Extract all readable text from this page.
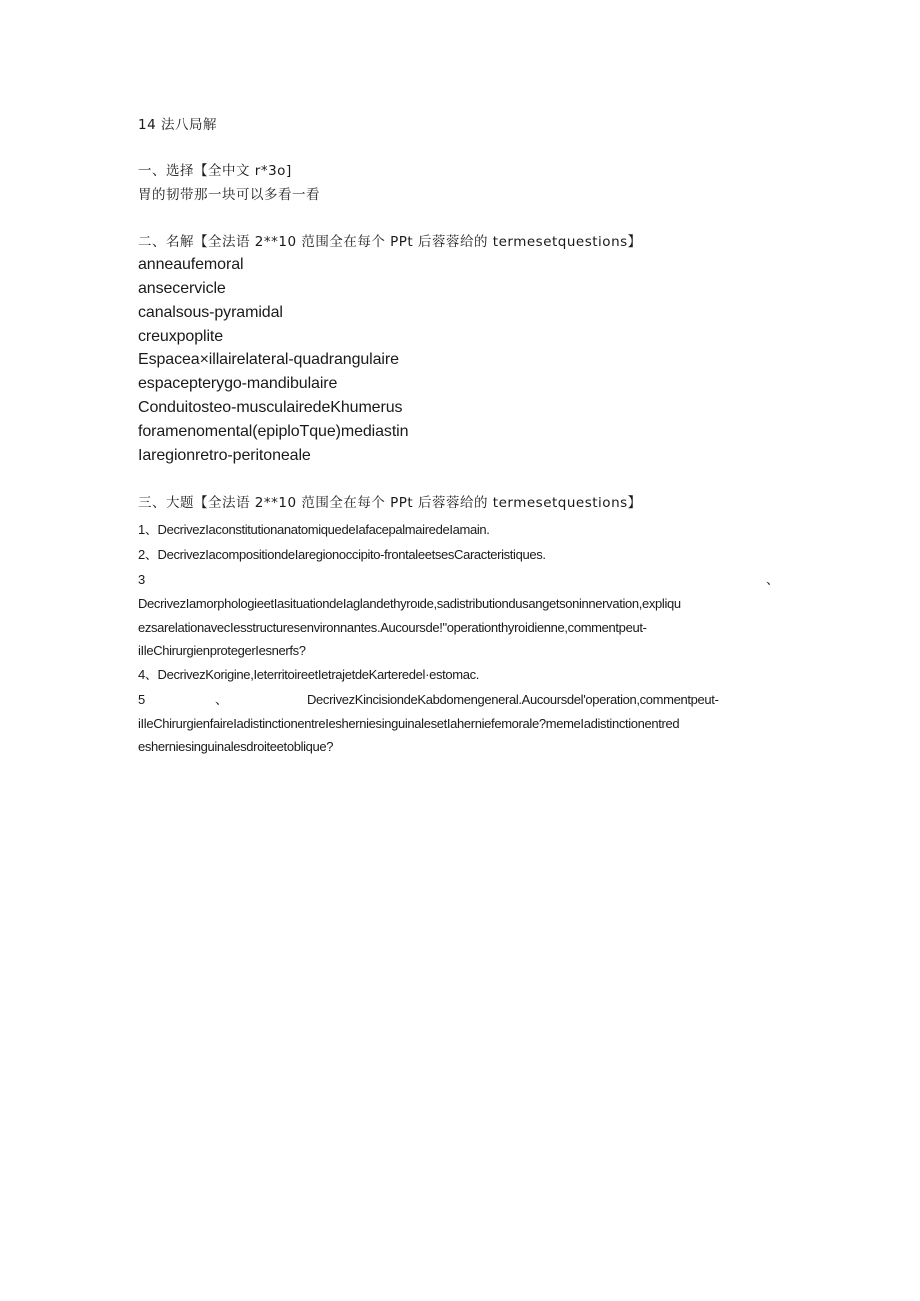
14 法八局解
一、选择【全中文 r*3o]
胃的韧带那一块可以多看一看
二、名解【全法语 2**10 范围全在每个 PPt 后蓉蓉给的 termesetquestions】
anneaufemoral
ansecervicle
canalsous-pyramidal
creuxpoplite
Espacea×illairelateral-quadrangulaire
espacepterygo-mandibulaire
Conduitosteo-musculairedeKhumerus
foramenomental(epiploTque)mediastin
Iaregionretro-peritoneale
三、大题【全法语 2**10 范围全在每个 PPt 后蓉蓉给的 termesetquestions】
1、DecrivezIaconstitutionanatomiquedeIafacepalmairedeIamain.
2、DecrivezIacompositiondeIaregionoccipito-frontaleetsesCaracteristiques.
3	、
DecrivezIamorphologieetIasituationdeIaglandethyroιde,sadistributiondusangetsoninnervation,expliqu
ezsarelationavecIesstructuresenvironnantes.Aucoursde!"operationthyroidienne,commentpeut-
iIleChirurgienprotegerIesnerfs?
4、DecrivezKorigine,IeterritoireetIetrajetdeKarteredel·estomac.
5	、	DecrivezKincisiondeKabdomengeneral.Aucoursdel'operation,commentpeut-
iIleChirurgienfaireIadistinctionentreIesherniesinguinalesetIaherniefemorale?memeIadistinctionentred
esherniesinguinalesdroiteetoblique?
